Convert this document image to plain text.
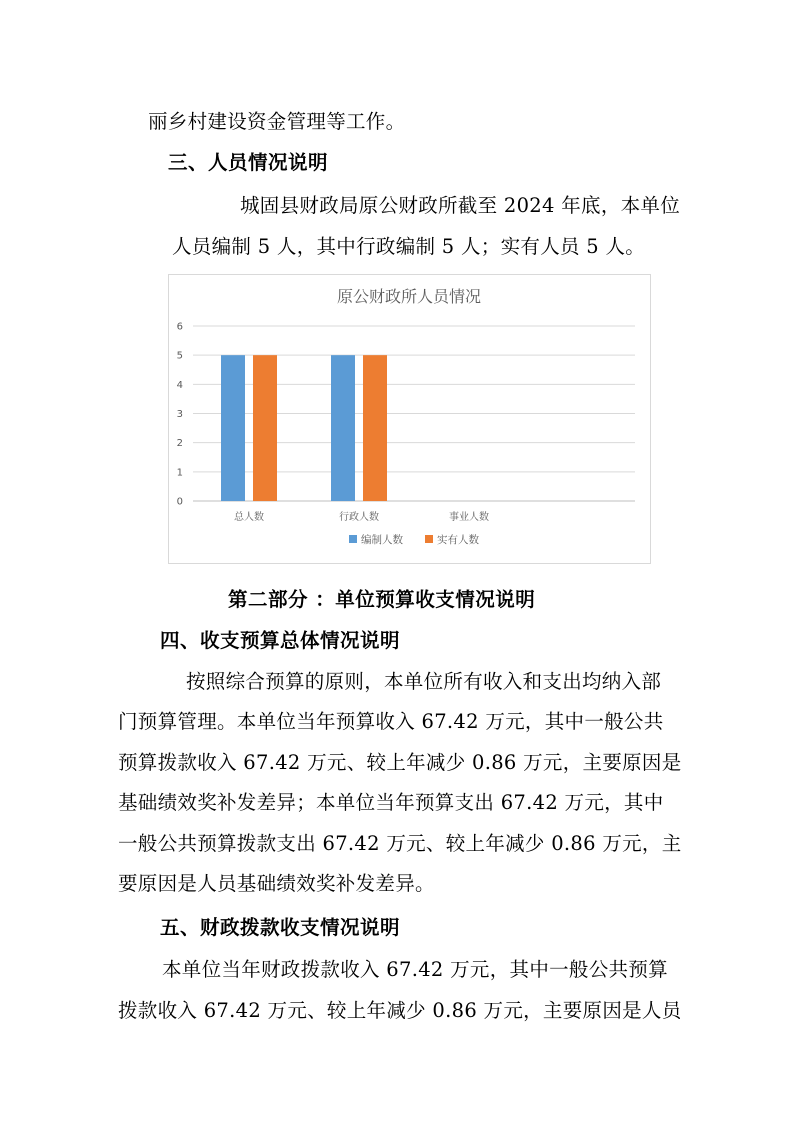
丽乡村建设资金管理等工作。
三、人员情况说明
城固县财政局原公财政所截至 2024 年底，本单位
人员编制 5 人，其中行政编制 5 人；实有人员 5 人。
原公财政所人员情况
0
1
2
3
4
5
6
总人数	行政人数	事业人数
编制人数	实有人数
第二部分 ：单位预算收支情况说明
四、收支预算总体情况说明
按照综合预算的原则，本单位所有收入和支出均纳入部
门预算管理。本单位当年预算收入 67.42 万元，其中一般公共
预算拨款收入 67.42 万元、较上年减少 0.86 万元，主要原因是
基础绩效奖补发差异；本单位当年预算支出 67.42 万元，其中
一般公共预算拨款支出 67.42 万元、较上年减少 0.86 万元，主
要原因是人员基础绩效奖补发差异。
五、财政拨款收支情况说明
本单位当年财政拨款收入 67.42 万元，其中一般公共预算
拨款收入 67.42 万元、较上年减少 0.86 万元，主要原因是人员
